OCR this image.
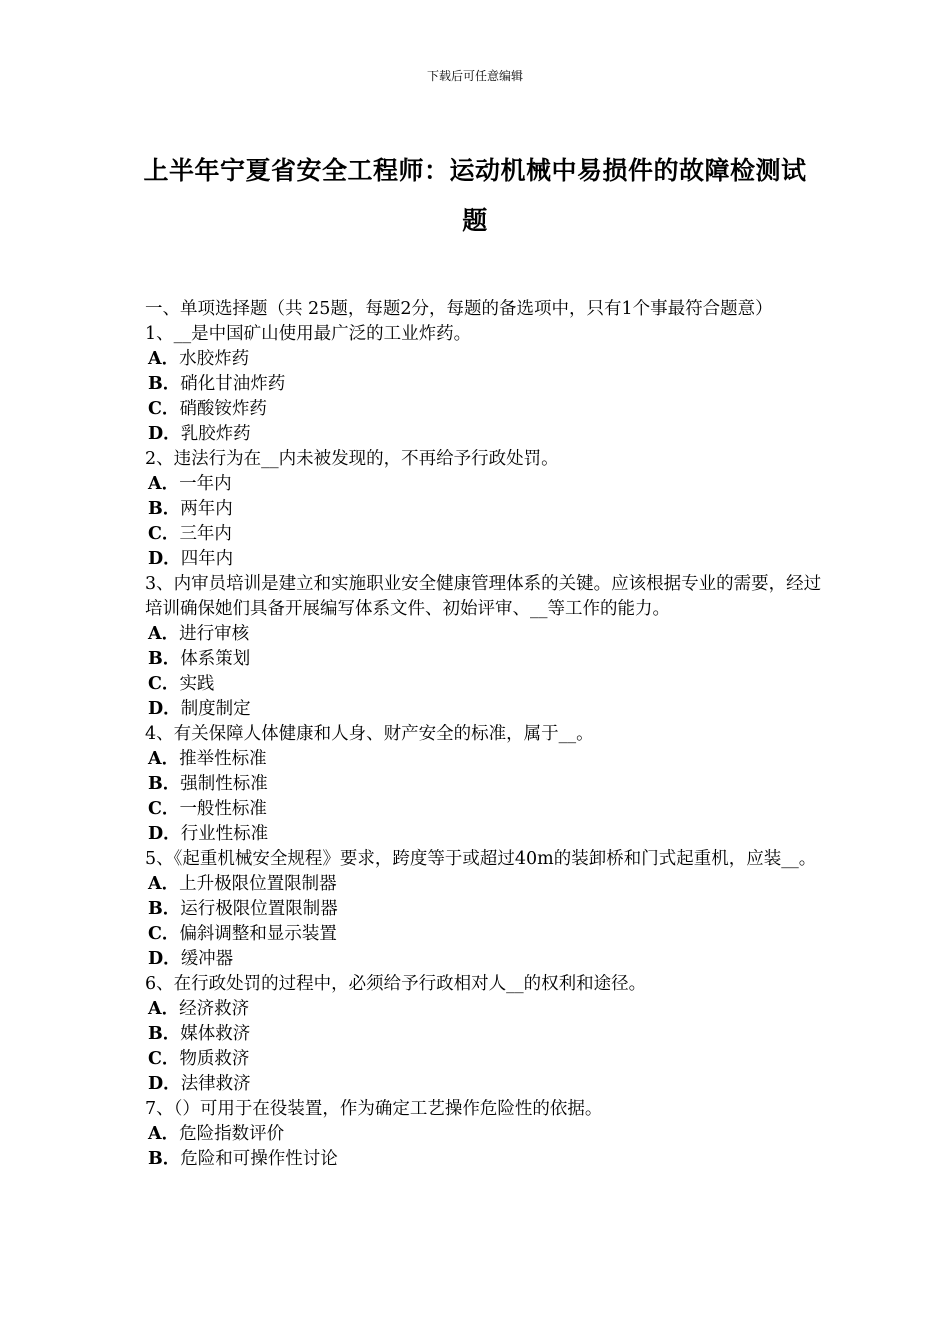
下载后可任意编辑
上半年宁夏省安全工程师：运动机械中易损件的故障检测试题

一、单项选择题（共 25题，每题2分，每题的备选项中，只有1个事最符合题意）

1、__是中国矿山使用最广泛的工业炸药。

A．水胶炸药

B．硝化甘油炸药

C．硝酸铵炸药

D．乳胶炸药

2、违法行为在__内未被发现的，不再给予行政处罚。

A．一年内

B．两年内

C．三年内

D．四年内

3、内审员培训是建立和实施职业安全健康管理体系的关键。应该根据专业的需要，经过培训确保她们具备开展编写体系文件、初始评审、__等工作的能力。

A．进行审核

B．体系策划

C．实践

D．制度制定

4、有关保障人体健康和人身、财产安全的标准，属于__。

A．推举性标准

B．强制性标准

C．一般性标准

D．行业性标准

5、《起重机械安全规程》要求，跨度等于或超过40m的装卸桥和门式起重机，应装__。

A．上升极限位置限制器

B．运行极限位置限制器

C．偏斜调整和显示装置

D．缓冲器

6、在行政处罚的过程中，必须给予行政相对人__的权利和途径。

A．经济救济

B．媒体救济

C．物质救济

D．法律救济

7、（）可用于在役装置，作为确定工艺操作危险性的依据。

A．危险指数评价

B．危险和可操作性讨论
